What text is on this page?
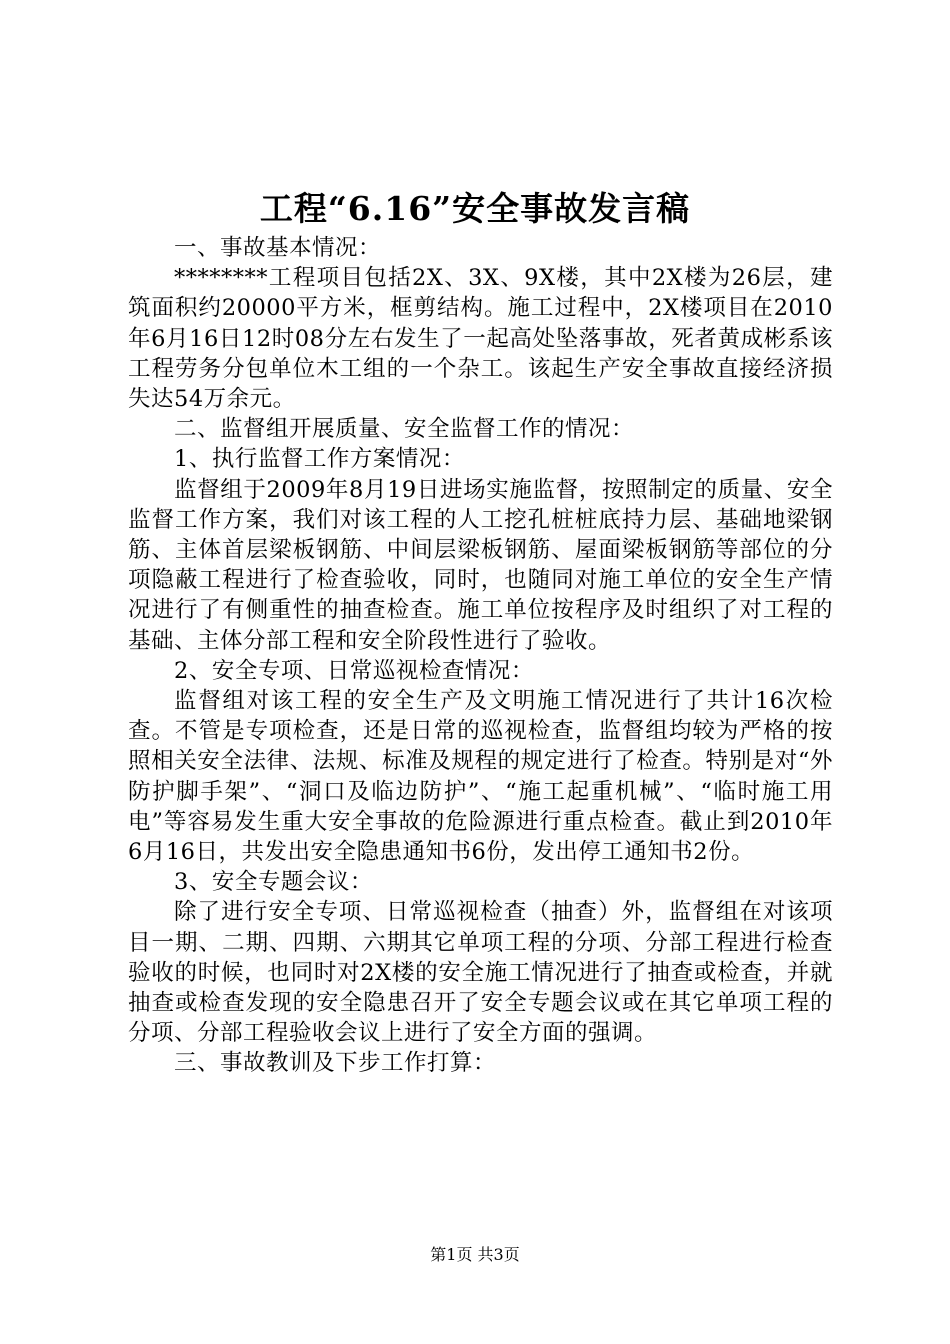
工程“6.16”安全事故发言稿

一、事故基本情况：

********工程项目包括2X、3X、9X楼，其中2X楼为26层，建筑面积约20000平方米，框剪结构。施工过程中，2X楼项目在2010年6月16日12时08分左右发生了一起高处坠落事故，死者黄成彬系该工程劳务分包单位木工组的一个杂工。该起生产安全事故直接经济损失达54万余元。

二、监督组开展质量、安全监督工作的情况：

1、执行监督工作方案情况：

监督组于2009年8月19日进场实施监督，按照制定的质量、安全监督工作方案，我们对该工程的人工挖孔桩桩底持力层、基础地梁钢筋、主体首层梁板钢筋、中间层梁板钢筋、屋面梁板钢筋等部位的分项隐蔽工程进行了检查验收，同时，也随同对施工单位的安全生产情况进行了有侧重性的抽查检查。施工单位按程序及时组织了对工程的基础、主体分部工程和安全阶段性进行了验收。

2、安全专项、日常巡视检查情况：

监督组对该工程的安全生产及文明施工情况进行了共计16次检查。不管是专项检查，还是日常的巡视检查，监督组均较为严格的按照相关安全法律、法规、标准及规程的规定进行了检查。特别是对“外防护脚手架”、“洞口及临边防护”、“施工起重机械”、“临时施工用电”等容易发生重大安全事故的危险源进行重点检查。截止到2010年6月16日，共发出安全隐患通知书6份，发出停工通知书2份。

3、安全专题会议：

除了进行安全专项、日常巡视检查（抽查）外，监督组在对该项目一期、二期、四期、六期其它单项工程的分项、分部工程进行检查验收的时候，也同时对2X楼的安全施工情况进行了抽查或检查，并就抽查或检查发现的安全隐患召开了安全专题会议或在其它单项工程的分项、分部工程验收会议上进行了安全方面的强调。

三、事故教训及下步工作打算：

第1页 共3页
